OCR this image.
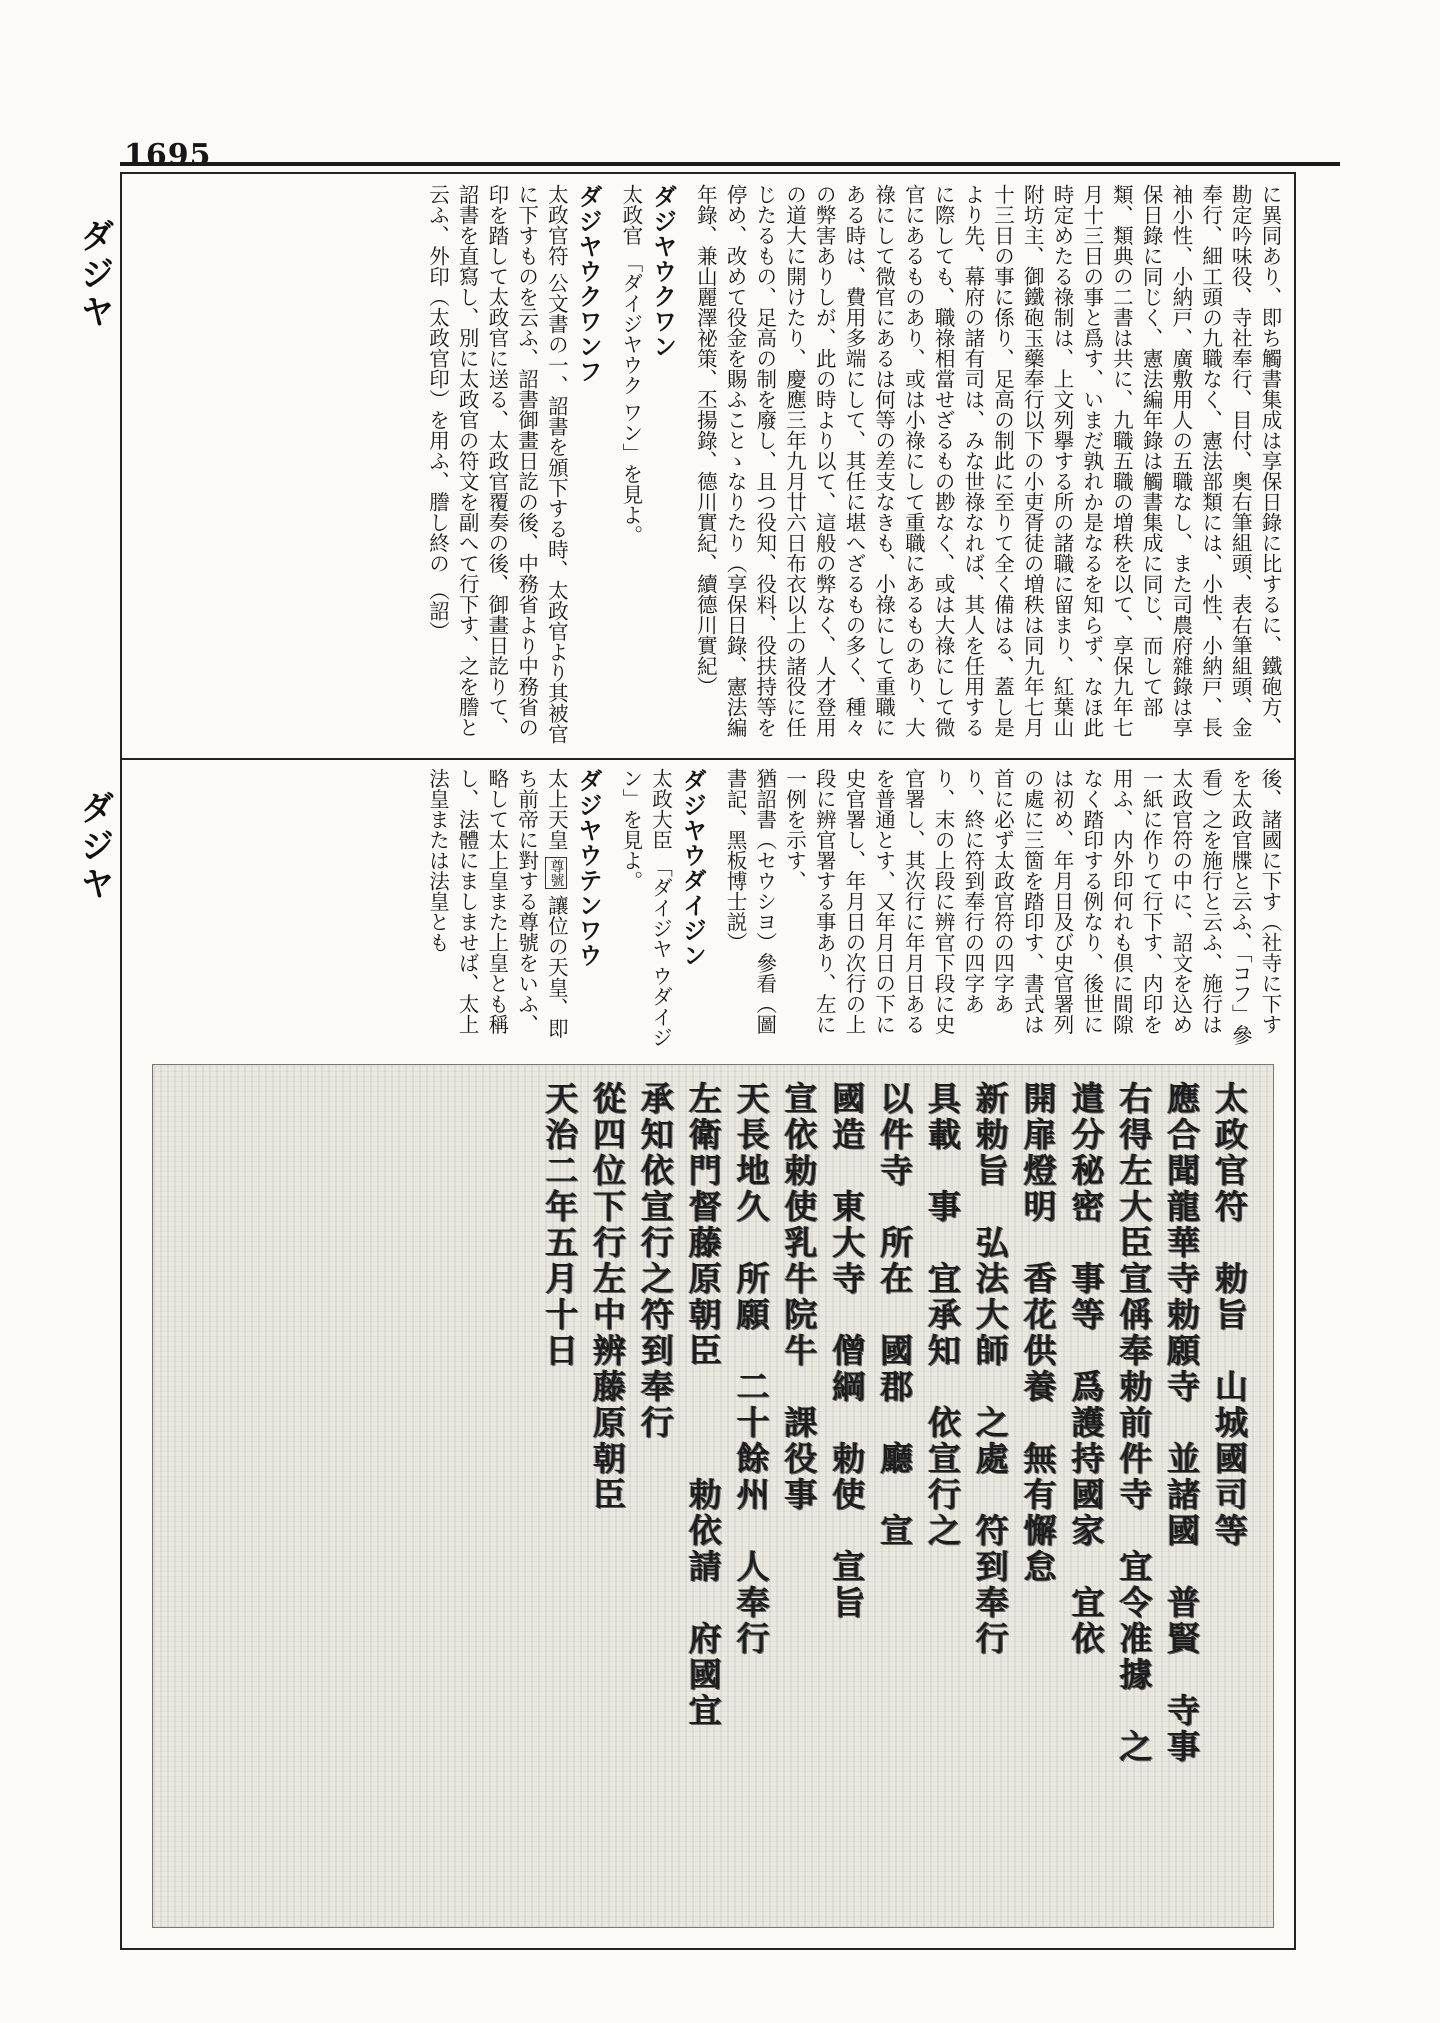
1695
ダジヤ
ダジヤ
に異同あり、即ち觸書集成は享保日錄に比するに、鐵砲方、勘定吟味役、寺社奉行、目付、奥右筆組頭、表右筆組頭、金奉行、細工頭の九職なく、憲法部類には、小性、小納戸、長袖小性、小納戸、廣敷用人の五職なし、また司農府雜錄は享保日錄に同じく、憲法編年錄は觸書集成に同じ、而して部類、類典の二書は共に、九職五職の増秩を以て、享保九年七月十三日の事と爲す、いまだ孰れか是なるを知らず、なほ此時定めたる祿制は、上文列擧する所の諸職に留まり、紅葉山附坊主、御鐵砲玉藥奉行以下の小吏胥徒の増秩は同九年七月十三日の事に係り、足高の制此に至りて全く備はる、蓋し是より先、幕府の諸有司は、みな世祿なれば、其人を任用するに際しても、職祿相當せざるもの尠なく、或は大祿にして微官にあるものあり、或は小祿にして重職にあるものあり、大祿にして微官にあるは何等の差支なきも、小祿にして重職にある時は、費用多端にして、其任に堪へざるもの多く、種々の弊害ありしが、此の時より以て、這般の弊なく、人才登用の道大に開けたり、慶應三年九月廿六日布衣以上の諸役に任じたるもの、足高の制を廢し、且つ役知、役料、役扶持等を停め、改めて役金を賜ふことゝなりたり（享保日錄、憲法編年錄、兼山麗澤祕策、丕揚錄、德川實紀、續德川實紀）
ダジヤウクワン
太政官 「ダイジヤウク ワン」を見よ。
ダジヤウクワンフ
太政官符 公文書の一、詔書を頒下する時、太政官より其被官に下すものを云ふ、詔書御畫日訖の後、中務省より中務省の印を踏して太政官に送る、太政官覆奏の後、御畫日訖りて、詔書を直寫し、別に太政官の符文を副へて行下す、之を謄と云ふ、外印（太政官印）を用ふ、謄し終の （詔）
後、諸國に下す（社寺に下すを太政官牒と云ふ、「コフ」參看）之を施行と云ふ、施行は太政官符の中に、詔文を込め一紙に作りて行下す、内印を用ふ、内外印何れも倶に間隙なく踏印する例なり、後世には初め、年月日及び史官署列の處に三箇を踏印す、書式は首に必ず太政官符の四字あり、終に符到奉行の四字あり、末の上段に辨官下段に史官署し、其次行に年月日あるを普通とす、又年月日の下に史官署し、年月日の次行の上段に辨官署する事あり、左に一例を示す、
猶詔書（セウシヨ）參看（圖書記、黑板博士説）
ダジヤウダイジン
太政大臣 「ダイジヤ ウダイジン」を見よ。
ダジヤウテンワウ
太上天皇 尊號 讓位の天皇、即ち前帝に對する尊號をいふ、略して太上皇また上皇とも稱し、法體にましませば、太上法皇または法皇とも
太政官符　勅旨　山城國司等
應合聞龍華寺勅願寺　並諸國　普賢　寺事
右得左大臣宣偁奉勅前件寺　宜令准據　之
遣分秘密　事等　爲護持國家　宜依
開扉燈明　香花供養　無有懈怠
新勅旨　弘法大師　之處　符到奉行
具載　事　宜承知　依宣行之
以件寺　所在　國郡　廳　宣
國造　東大寺　僧綱　勅使　宣旨
宣依勅使乳牛院牛　課役事
天長地久　所願　二十餘州　人奉行
左衛門督藤原朝臣　　　勅依請　府國宜
承知依宣行之符到奉行
從四位下行左中辨藤原朝臣
天治二年五月十日
